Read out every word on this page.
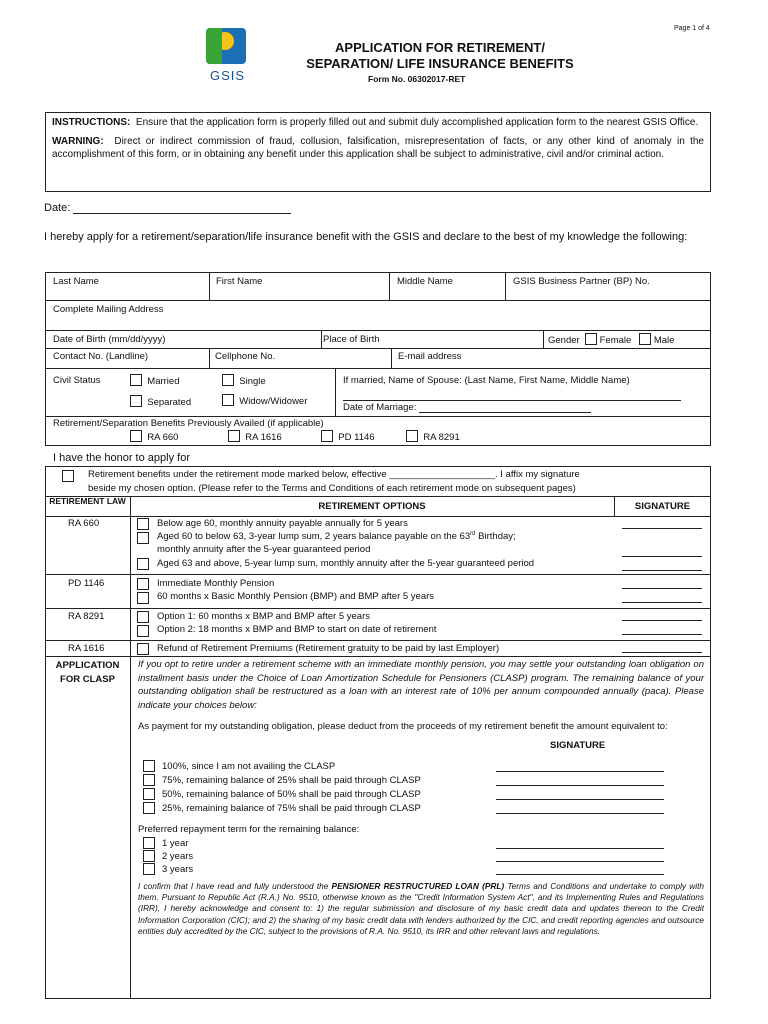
Page 1 of 4
GSIS
APPLICATION FOR RETIREMENT/
SEPARATION/ LIFE INSURANCE BENEFITS
Form No. 06302017-RET

INSTRUCTIONS: Ensure that the application form is properly filled out and submit duly accomplished application form to the nearest GSIS Office.

WARNING: Direct or indirect commission of fraud, collusion, falsification, misrepresentation of facts, or any other kind of anomaly in the accomplishment of this form, or in obtaining any benefit under this application shall be subject to administrative, civil and/or criminal action.

Date:
I hereby apply for a retirement/separation/life insurance benefit with the GSIS and declare to the best of my knowledge the following:
Last Name	First Name	Middle Name	GSIS Business Partner (BP) No.
Complete Mailing Address
Date of Birth (mm/dd/yyyy)	Place of Birth	Gender Female Male
Contact No. (Landline)	Cellphone No.	E-mail address
Civil Status	Married	Single
Separated	Widow/Widower
If married, Name of Spouse: (Last Name, First Name, Middle Name)
Date of Marriage:
Retirement/Separation Benefits Previously Availed (if applicable)
RA 660	RA 1616	PD 1146	RA 8291
I have the honor to apply for
Retirement benefits under the retirement mode marked below, effective ____________________. I affix my signature
beside my chosen option. (Please refer to the Terms and Conditions of each retirement mode on subsequent pages)
RETIREMENT LAW	RETIREMENT OPTIONS	SIGNATURE
RA 660	Below age 60, monthly annuity payable annually for 5 years
Aged 60 to below 63, 3-year lump sum, 2 years balance payable on the 63rd Birthday;
monthly annuity after the 5-year guaranteed period
Aged 63 and above, 5-year lump sum, monthly annuity after the 5-year guaranteed period
PD 1146	Immediate Monthly Pension
60 months x Basic Monthly Pension (BMP) and BMP after 5 years
RA 8291	Option 1: 60 months x BMP and BMP after 5 years
Option 2: 18 months x BMP and BMP to start on date of retirement
RA 1616	Refund of Retirement Premiums (Retirement gratuity to be paid by last Employer)
APPLICATION
FOR CLASP
If you opt to retire under a retirement scheme with an immediate monthly pension, you may settle your outstanding loan obligation on installment basis under the Choice of Loan Amortization Schedule for Pensioners (CLASP) program. The remaining balance of your outstanding obligation shall be restructured as a loan with an interest rate of 10% per annum compounded annually (paca). Please indicate your choices below:
As payment for my outstanding obligation, please deduct from the proceeds of my retirement benefit the amount equivalent to:
SIGNATURE
100%, since I am not availing the CLASP
75%, remaining balance of 25% shall be paid through CLASP
50%, remaining balance of 50% shall be paid through CLASP
25%, remaining balance of 75% shall be paid through CLASP
Preferred repayment term for the remaining balance:
1 year
2 years
3 years
I confirm that I have read and fully understood the PENSIONER RESTRUCTURED LOAN (PRL) Terms and Conditions and undertake to comply with them. Pursuant to Republic Act (R.A.) No. 9510, otherwise known as the "Credit Information System Act", and its Implementing Rules and Regulations (IRR), I hereby acknowledge and consent to: 1) the regular submission and disclosure of my basic credit data and updates thereon to the Credit Information Corporation (CIC); and 2) the sharing of my basic credit data with lenders authorized by the CIC, and credit reporting agencies and outsource entities duly accredited by the CIC, subject to the provisions of R.A. No. 9510, its IRR and other relevant laws and regulations.
